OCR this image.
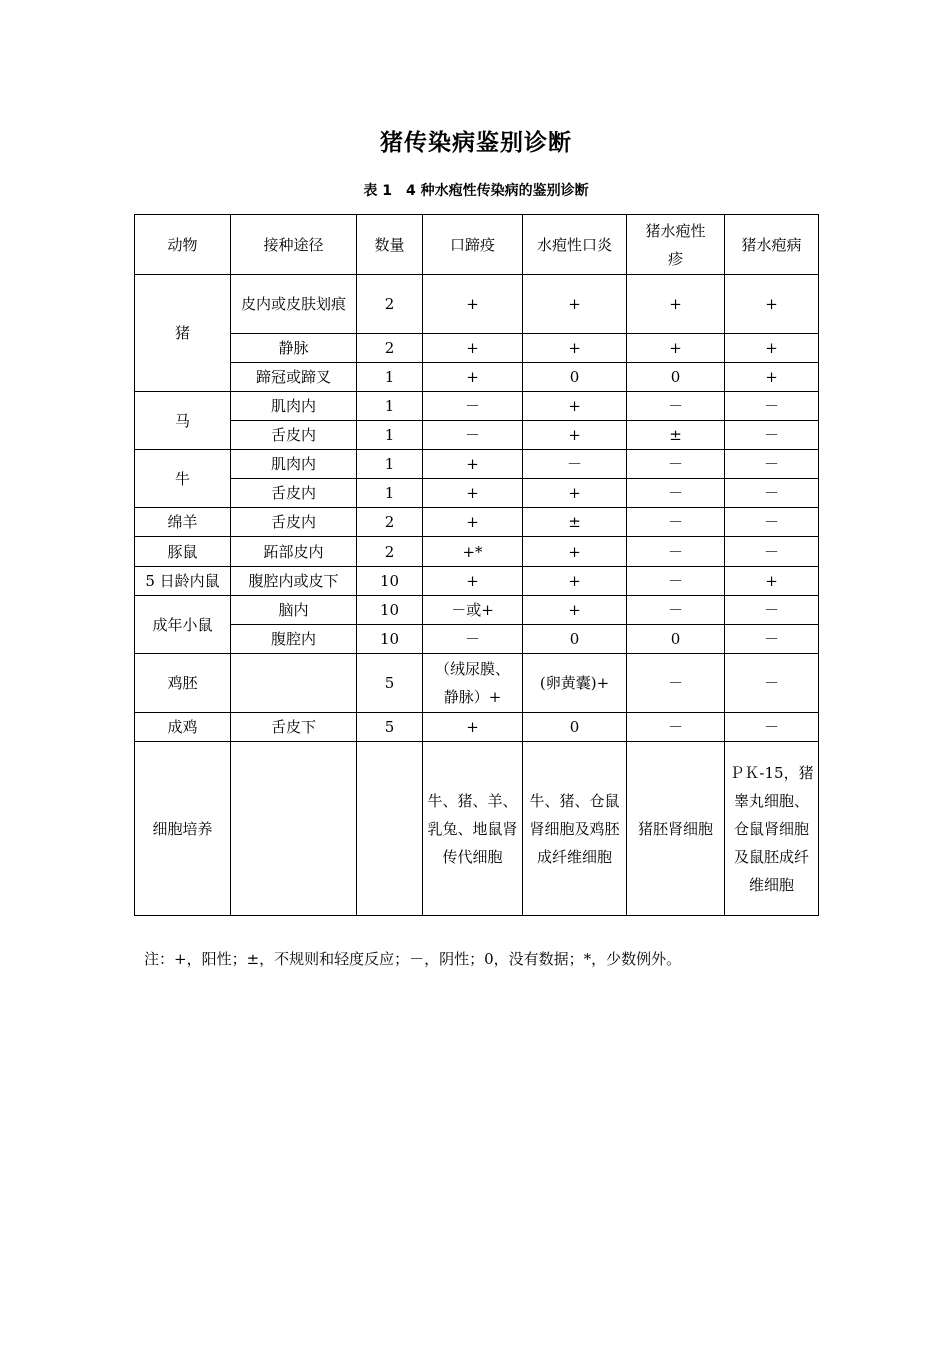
猪传染病鉴别诊断
表 1　4 种水疱性传染病的鉴别诊断
动物	接种途径	数量	口蹄疫	水疱性口炎	猪水疱性疹	猪水疱病
猪	皮内或皮肤划痕	2	+	+	+	+
	静脉	2	+	+	+	+
	蹄冠或蹄叉	1	+	0	0	+
马	肌肉内	1	－	+	－	－
	舌皮内	1	－	+	±	－
牛	肌肉内	1	+	－	－	－
	舌皮内	1	+	+	－	－
绵羊	舌皮内	2	+	±	－	－
豚鼠	跖部皮内	2	+*	+	－	－
5 日龄内鼠	腹腔内或皮下	10	+	+	－	+
成年小鼠	脑内	10	－或+	+	－	－
	腹腔内	10	－	0	0	－
鸡胚		5	（绒尿膜、静脉）+	(卵黄囊)+	－	－
成鸡	舌皮下	5	+	0	－	－
细胞培养			牛、猪、羊、乳兔、地鼠肾传代细胞	牛、猪、仓鼠肾细胞及鸡胚成纤维细胞	猪胚肾细胞	ＰＫ-15，猪睾丸细胞、仓鼠肾细胞及鼠胚成纤维细胞
注：+，阳性；±，不规则和轻度反应；－，阴性；0，没有数据；*，少数例外。
